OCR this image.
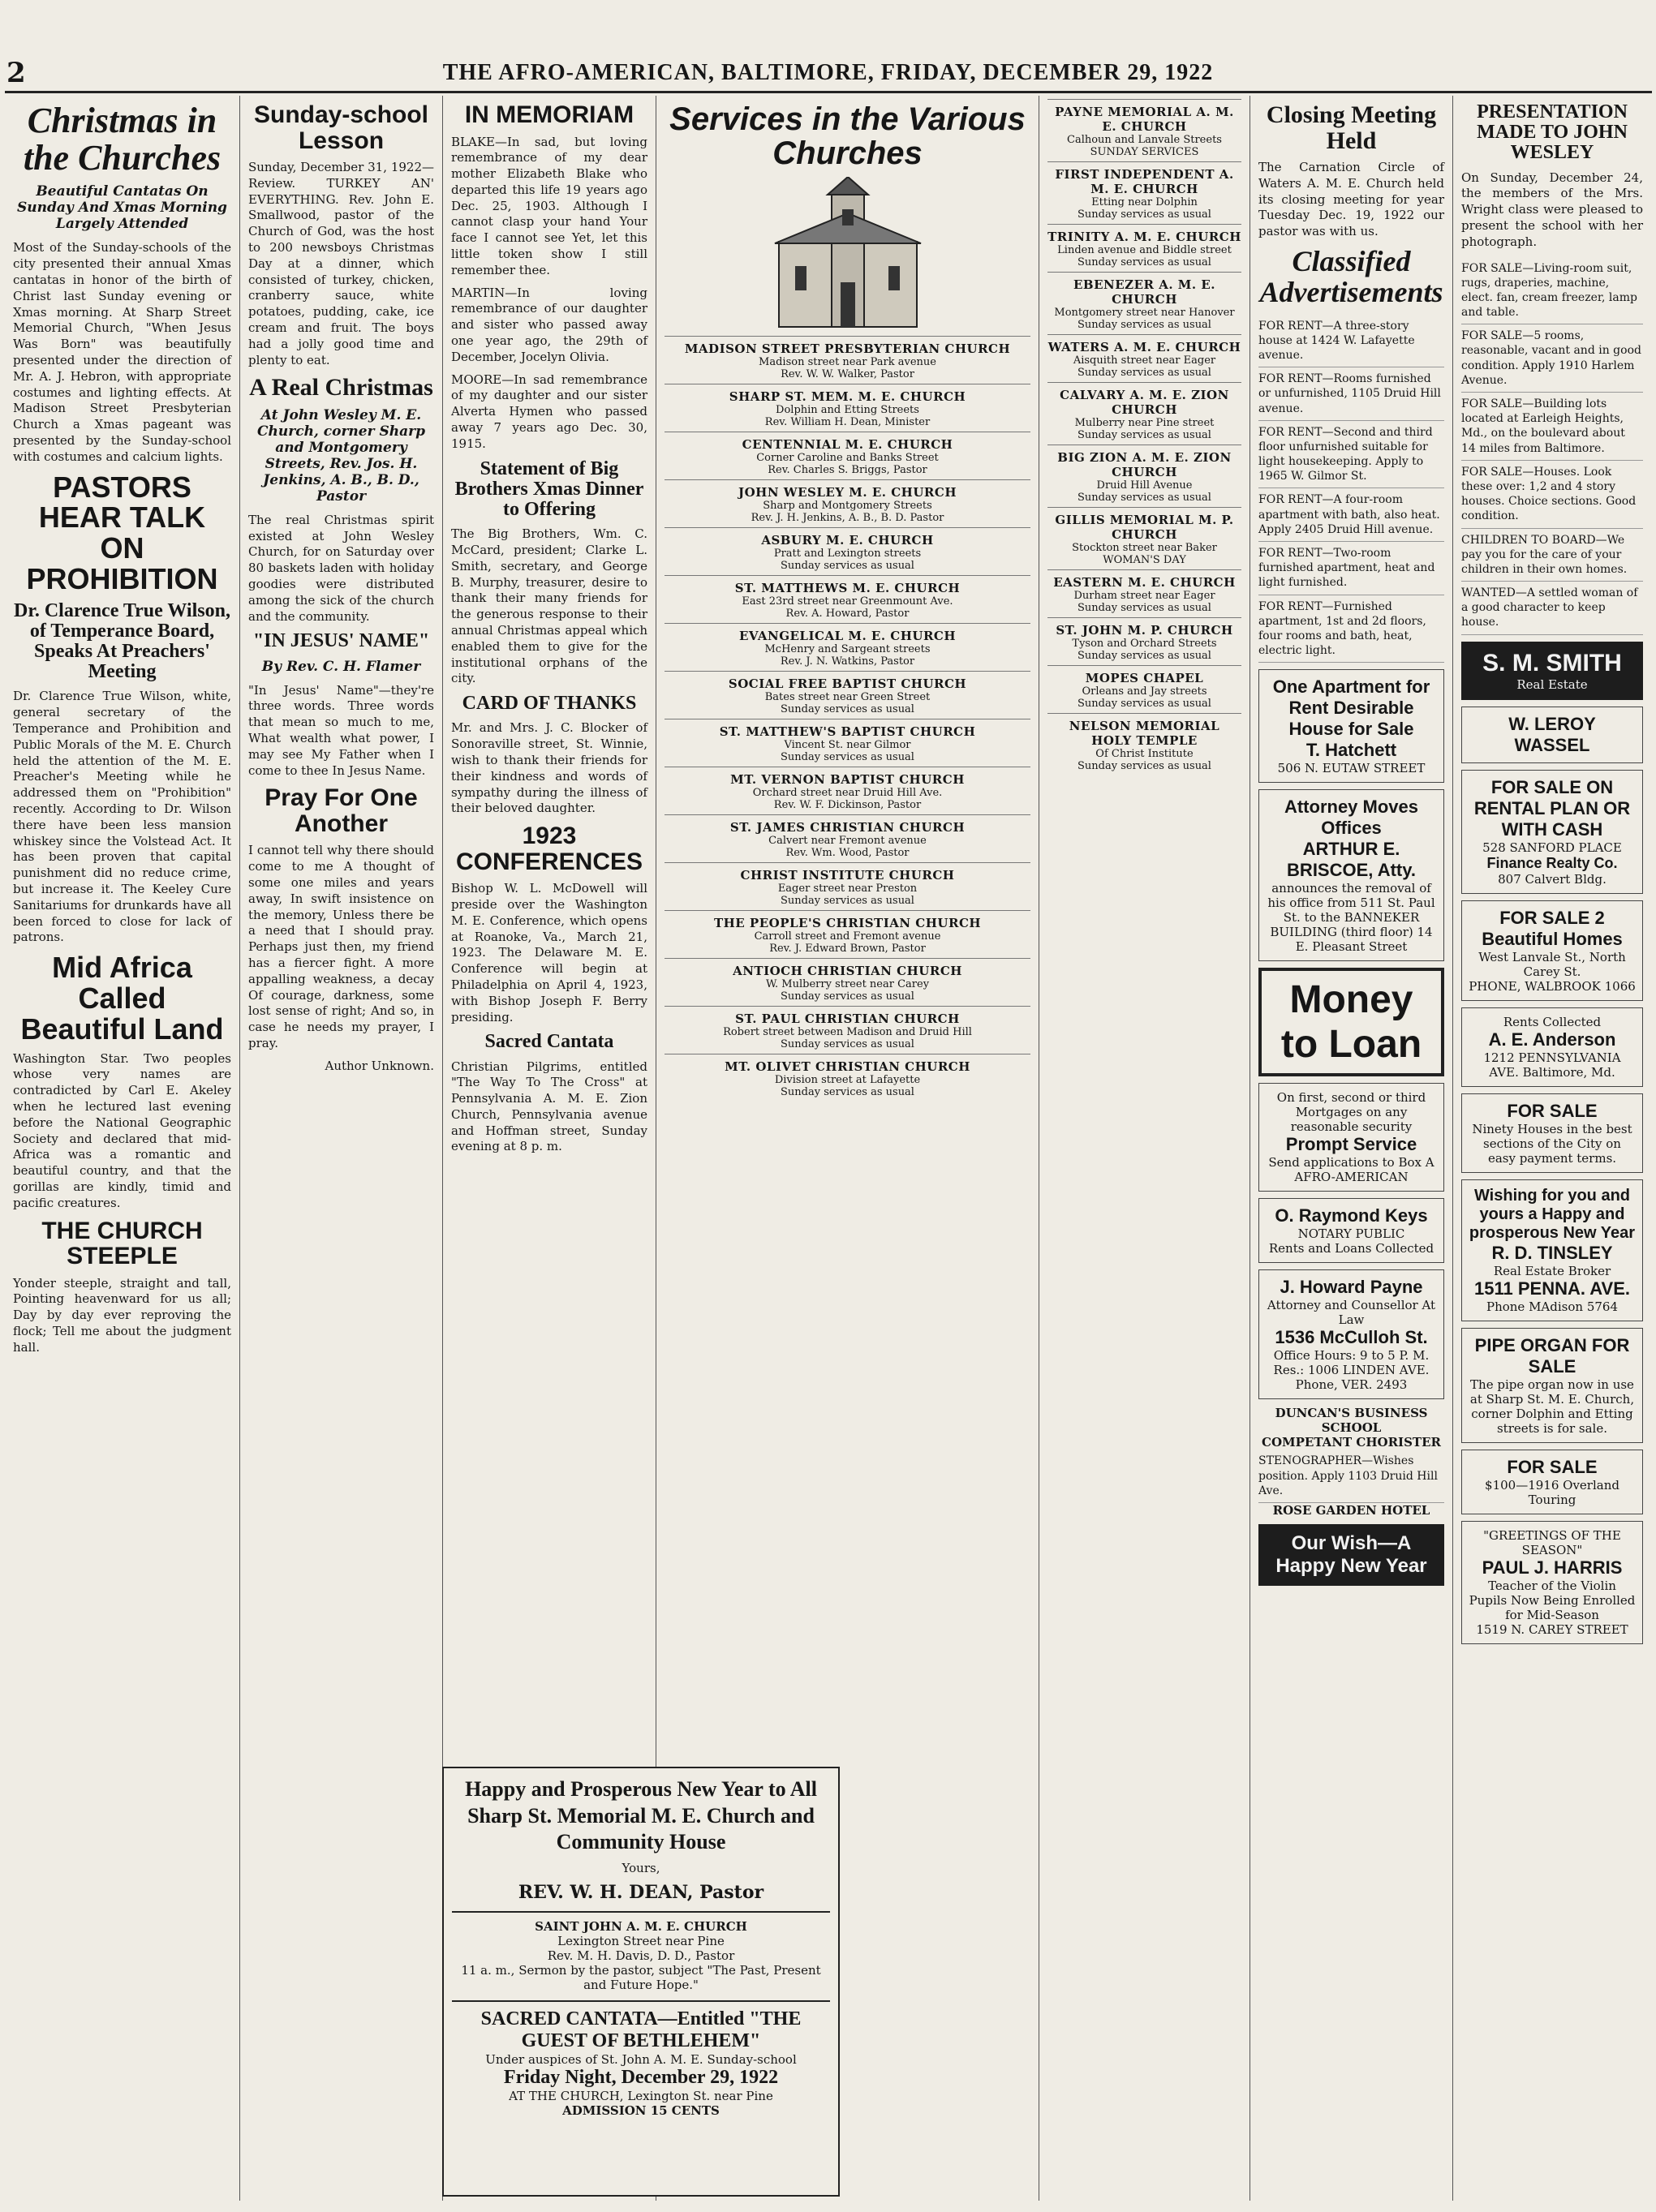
2	THE AFRO-AMERICAN, BALTIMORE, FRIDAY, DECEMBER 29, 1922
Christmas in the Churches
Beautiful Cantatas On Sunday And Xmas Morning Largely Attended

Most of the Sunday-schools of the city presented their annual Xmas cantatas in honor of the birth of Christ last Sunday evening or Xmas morning. At Sharp Street Memorial Church, "When Jesus Was Born" was beautifully presented under the direction of Mr. A. J. Hebron, with appropriate costumes and lighting effects. At Madison Street Presbyterian Church a Xmas pageant was presented by the Sunday-school with costumes and calcium lights.

PASTORS HEAR TALK ON PROHIBITION
Dr. Clarence True Wilson, of Temperance Board, Speaks At Preachers' Meeting

Dr. Clarence True Wilson, white, general secretary of the Temperance and Prohibition and Public Morals of the M. E. Church held the attention of the M. E. Preacher's Meeting while he addressed them on "Prohibition" recently. According to Dr. Wilson there have been less mansion whiskey since the Volstead Act. It has been proven that capital punishment did no reduce crime, but increase it. The Keeley Cure Sanitariums for drunkards have all been forced to close for lack of patrons.

Mid Africa Called Beautiful Land

Washington Star. Two peoples whose very names are contradicted by Carl E. Akeley when he lectured last evening before the National Geographic Society and declared that mid-Africa was a romantic and beautiful country, and that the gorillas are kindly, timid and pacific creatures.

THE CHURCH STEEPLE

Yonder steeple, straight and tall, Pointing heavenward for us all; Day by day ever reproving the flock; Tell me about the judgment hall.

Sunday-school Lesson

Sunday, December 31, 1922—Review. TURKEY AN' EVERYTHING. Rev. John E. Smallwood, pastor of the Church of God, was the host to 200 newsboys Christmas Day at a dinner, which consisted of turkey, chicken, cranberry sauce, white potatoes, pudding, cake, ice cream and fruit. The boys had a jolly good time and plenty to eat.

A Real Christmas
At John Wesley M. E. Church, corner Sharp and Montgomery Streets, Rev. Jos. H. Jenkins, A. B., B. D., Pastor

The real Christmas spirit existed at John Wesley Church, for on Saturday over 80 baskets laden with holiday goodies were distributed among the sick of the church and the community.

"IN JESUS' NAME"
By Rev. C. H. Flamer

"In Jesus' Name"—they're three words. Three words that mean so much to me, What wealth what power, I may see My Father when I come to thee In Jesus Name.

Pray For One Another

I cannot tell why there should come to me A thought of some one miles and years away, In swift insistence on the memory, Unless there be a need that I should pray. Perhaps just then, my friend has a fiercer fight. A more appalling weakness, a decay Of courage, darkness, some lost sense of right; And so, in case he needs my prayer, I pray.

Author Unknown.

IN MEMORIAM

BLAKE—In sad, but loving remembrance of my dear mother Elizabeth Blake who departed this life 19 years ago Dec. 25, 1903. Although I cannot clasp your hand Your face I cannot see Yet, let this little token show I still remember thee.

MARTIN—In loving remembrance of our daughter and sister who passed away one year ago, the 29th of December, Jocelyn Olivia.

MOORE—In sad remembrance of my daughter and our sister Alverta Hymen who passed away 7 years ago Dec. 30, 1915.

Statement of Big Brothers Xmas Dinner to Offering

The Big Brothers, Wm. C. McCard, president; Clarke L. Smith, secretary, and George B. Murphy, treasurer, desire to thank their many friends for the generous response to their annual Christmas appeal which enabled them to give for the institutional orphans of the city.

CARD OF THANKS

Mr. and Mrs. J. C. Blocker of Sonoraville street, St. Winnie, wish to thank their friends for their kindness and words of sympathy during the illness of their beloved daughter.

1923 CONFERENCES

Bishop W. L. McDowell will preside over the Washington M. E. Conference, which opens at Roanoke, Va., March 21, 1923. The Delaware M. E. Conference will begin at Philadelphia on April 4, 1923, with Bishop Joseph F. Berry presiding.

Sacred Cantata

Christian Pilgrims, entitled "The Way To The Cross" at Pennsylvania A. M. E. Zion Church, Pennsylvania avenue and Hoffman street, Sunday evening at 8 p. m.

Services in the Various Churches
MADISON STREET PRESBYTERIAN CHURCH
Madison street near Park avenue
Rev. W. W. Walker, Pastor
SHARP ST. MEM. M. E. CHURCH
Dolphin and Etting Streets
Rev. William H. Dean, Minister
CENTENNIAL M. E. CHURCH
Corner Caroline and Banks Street
Rev. Charles S. Briggs, Pastor
JOHN WESLEY M. E. CHURCH
Sharp and Montgomery Streets
Rev. J. H. Jenkins, A. B., B. D. Pastor
ASBURY M. E. CHURCH
Pratt and Lexington streets
Sunday services as usual
ST. MATTHEWS M. E. CHURCH
East 23rd street near Greenmount Ave.
Rev. A. Howard, Pastor
EVANGELICAL M. E. CHURCH
McHenry and Sargeant streets
Rev. J. N. Watkins, Pastor
SOCIAL FREE BAPTIST CHURCH
Bates street near Green Street
Sunday services as usual
ST. MATTHEW'S BAPTIST CHURCH
Vincent St. near Gilmor
Sunday services as usual
MT. VERNON BAPTIST CHURCH
Orchard street near Druid Hill Ave.
Rev. W. F. Dickinson, Pastor
ST. JAMES CHRISTIAN CHURCH
Calvert near Fremont avenue
Rev. Wm. Wood, Pastor
CHRIST INSTITUTE CHURCH
Eager street near Preston
Sunday services as usual
THE PEOPLE'S CHRISTIAN CHURCH
Carroll street and Fremont avenue
Rev. J. Edward Brown, Pastor
ANTIOCH CHRISTIAN CHURCH
W. Mulberry street near Carey
Sunday services as usual
ST. PAUL CHRISTIAN CHURCH
Robert street between Madison and Druid Hill
Sunday services as usual
MT. OLIVET CHRISTIAN CHURCH
Division street at Lafayette
Sunday services as usual
PAYNE MEMORIAL A. M. E. CHURCH
Calhoun and Lanvale Streets
SUNDAY SERVICES
FIRST INDEPENDENT A. M. E. CHURCH
Etting near Dolphin
Sunday services as usual
TRINITY A. M. E. CHURCH
Linden avenue and Biddle street
Sunday services as usual
EBENEZER A. M. E. CHURCH
Montgomery street near Hanover
Sunday services as usual
WATERS A. M. E. CHURCH
Aisquith street near Eager
Sunday services as usual
CALVARY A. M. E. ZION CHURCH
Mulberry near Pine street
Sunday services as usual
BIG ZION A. M. E. ZION CHURCH
Druid Hill Avenue
Sunday services as usual
GILLIS MEMORIAL M. P. CHURCH
Stockton street near Baker
WOMAN'S DAY
EASTERN M. E. CHURCH
Durham street near Eager
Sunday services as usual
ST. JOHN M. P. CHURCH
Tyson and Orchard Streets
Sunday services as usual
MOPES CHAPEL
Orleans and Jay streets
Sunday services as usual
NELSON MEMORIAL HOLY TEMPLE
Of Christ Institute
Sunday services as usual
Closing Meeting Held

The Carnation Circle of Waters A. M. E. Church held its closing meeting for year Tuesday Dec. 19, 1922 our pastor was with us.

Classified Advertisements

FOR RENT—A three-story house at 1424 W. Lafayette avenue.

FOR RENT—Rooms furnished or unfurnished, 1105 Druid Hill avenue.

FOR RENT—Second and third floor unfurnished suitable for light housekeeping. Apply to 1965 W. Gilmor St.

FOR RENT—A four-room apartment with bath, also heat. Apply 2405 Druid Hill avenue.

FOR RENT—Two-room furnished apartment, heat and light furnished.

FOR RENT—Furnished apartment, 1st and 2d floors, four rooms and bath, heat, electric light.

One Apartment for Rent Desirable House for Sale
T. Hatchett
506 N. EUTAW STREET
Attorney Moves Offices
ARTHUR E. BRISCOE, Atty.
announces the removal of his office from 511 St. Paul St. to the BANNEKER BUILDING (third floor) 14 E. Pleasant Street
Money to Loan
On first, second or third Mortgages on any reasonable security
Prompt Service
Send applications to Box A AFRO-AMERICAN
O. Raymond Keys
NOTARY PUBLIC
Rents and Loans Collected
J. Howard Payne
Attorney and Counsellor At Law
1536 McCulloh St.
Office Hours: 9 to 5 P. M.
Res.: 1006 LINDEN AVE.
Phone, VER. 2493
DUNCAN'S BUSINESS SCHOOL
COMPETANT CHORISTER

STENOGRAPHER—Wishes position. Apply 1103 Druid Hill Ave.

ROSE GARDEN HOTEL
Our Wish—A Happy New Year
PRESENTATION MADE TO JOHN WESLEY

On Sunday, December 24, the members of the Mrs. Wright class were pleased to present the school with her photograph.

FOR SALE—Living-room suit, rugs, draperies, machine, elect. fan, cream freezer, lamp and table.

FOR SALE—5 rooms, reasonable, vacant and in good condition. Apply 1910 Harlem Avenue.

FOR SALE—Building lots located at Earleigh Heights, Md., on the boulevard about 14 miles from Baltimore.

FOR SALE—Houses. Look these over: 1,2 and 4 story houses. Choice sections. Good condition.

CHILDREN TO BOARD—We pay you for the care of your children in their own homes.

WANTED—A settled woman of a good character to keep house.

S. M. SMITH
Real Estate
W. LEROY WASSEL
FOR SALE ON RENTAL PLAN OR WITH CASH
528 SANFORD PLACE
Finance Realty Co.
807 Calvert Bldg.
FOR SALE 2 Beautiful Homes
West Lanvale St., North Carey St.
PHONE, WALBROOK 1066
Rents Collected
A. E. Anderson
1212 PENNSYLVANIA AVE. Baltimore, Md.
FOR SALE
Ninety Houses in the best sections of the City on easy payment terms.
Wishing for you and yours a Happy and prosperous New Year
R. D. TINSLEY
Real Estate Broker
1511 PENNA. AVE.
Phone MAdison 5764
PIPE ORGAN FOR SALE
The pipe organ now in use at Sharp St. M. E. Church, corner Dolphin and Etting streets is for sale.
FOR SALE
$100—1916 Overland Touring
"GREETINGS OF THE SEASON"
PAUL J. HARRIS
Teacher of the Violin
Pupils Now Being Enrolled for Mid-Season
1519 N. CAREY STREET
Happy and Prosperous New Year to All Sharp St. Memorial M. E. Church and Community House
Yours,
REV. W. H. DEAN, Pastor
SAINT JOHN A. M. E. CHURCH
Lexington Street near Pine
Rev. M. H. Davis, D. D., Pastor
11 a. m., Sermon by the pastor, subject "The Past, Present and Future Hope."
SACRED CANTATA—Entitled "THE GUEST OF BETHLEHEM"
Under auspices of St. John A. M. E. Sunday-school
Friday Night, December 29, 1922
AT THE CHURCH, Lexington St. near Pine
ADMISSION 15 CENTS
